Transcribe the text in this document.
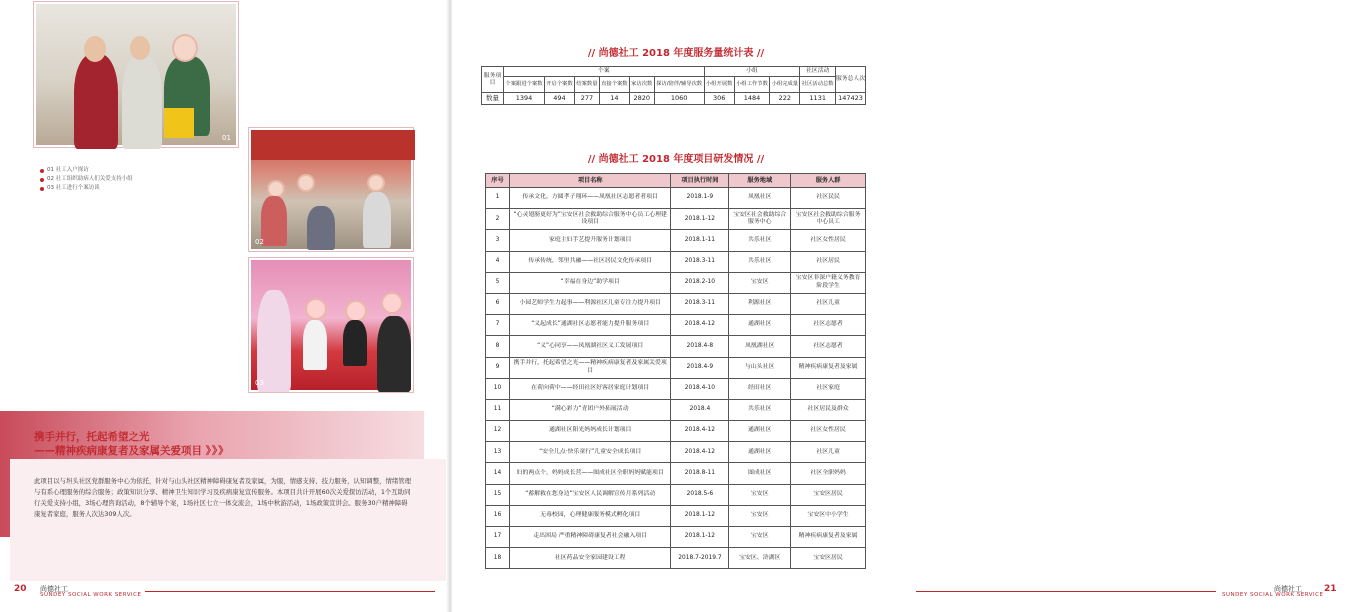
01
02
03
01 社工入户探访
02 社工组织助病人们关爱支持小组
03 社工进行个案访谈
携手并行，托起希望之光
——精神疾病康复者及家属关爱项目 》》》
此项目以与坦头社区党群服务中心为依托，针对与山头社区精神障碍康复者及家属，为服，情感支持、技力服务，认知调整，情绪管理与有系心理服务的综合服务；政策知识分享、精神卫生知识学习及疾病康复宣传服务。本项目共计开展60次关爱探访活动，1个互助同行关爱支持小组，3场心理咨询活动，8个辅导个案，1场社区七立一体交流会，1场中秋游活动，1场政策宣讲会。服务30户精神障碍康复者家庭，服务人次达309人次。
20 尚德社工
SUNDEY SOCIAL WORK SERVICE
// 尚德社工 2018 年度服务量统计表 //
服务项目	个案						小组			社区活动	服务总人次
	个案跟进个案数	开启个案数	结案数量	直接个案数	家访次数	探访/陪伴/辅导次数	小组开展数	小组工作节数	小组完成量	社区活动总数	
数量	1394	494	277	14	2820	1060	306	1484	222	1131	147423
// 尚德社工 2018 年度项目研发情况 //
序号	项目名称	项目执行时间	服务地域	服务人群
1	传承文化，方圆孝子翔环——凤凰社区志愿者者项目	2018.1-9	凤凰社区	社区民民
2	“心灵翅膀更好为”宝安区社会救助综合服务中心员工心理建设项目	2018.1-12	宝安区社会救助综合服务中心	宝安区社会救助综合服务中心员工
3	家庭主妇手艺提升服务计划项目	2018.1-11	共乐社区	社区女性居民
4	传承传统，邻里共融——社区居民文化传承项目	2018.3-11	共乐社区	社区居民
5	“幸福在身边”助学项目	2018.2-10	宝安区	宝安区非深户籍义务教育阶段学生
6	小园艺师学生力起事——利源社区儿童专注力提升项目	2018.3-11	利源社区	社区儿童
7	“义起成长”通湖社区志愿者能力提升服务项目	2018.4-12	通湖社区	社区志愿者
8	“义”心同享——凤凰湖社区义工发展项目	2018.4-8	凤凰湖社区	社区志愿者
9	携手并行，托起希望之光——精神疾病康复者及家属关爱项目	2018.4-9	与山头社区	精神疾病康复者及家属
10	在荷向荷中——经田社区好客居家庭计划项目	2018.4-10	经田社区	社区家庭
11	“满心彩力”青团户外拓展活动	2018.4	共乐社区	社区居民及群众
12	通湖社区阳光妈妈成长计划项目	2018.4-12	通湖社区	社区女性居民
13	“安全儿点·快乐童行”儿童安全成长项目	2018.4-12	通湖社区	社区儿童
14	妇的两点个，妈妈成长营——图成社区全职妈妈赋能项目	2018.8-11	图成社区	社区全职妈妈
15	“蓄解救在您身边”宝安区人民调解宣传月系列活动	2018.5-6	宝安区	宝安区居民
16	无毒校园，心理健康服务模式孵化项目	2018.1-12	宝安区	宝安区中小学生
17	走出困局 严重精神障碍康复者社会融入项目	2018.1-12	宝安区	精神疾病康复者及家属
18	社区药品安全家园建设工程	2018.7-2019.7	宝安区、浒湖区	宝安区居民
尚德社工
SUNDEY SOCIAL WORK SERVICE
21
